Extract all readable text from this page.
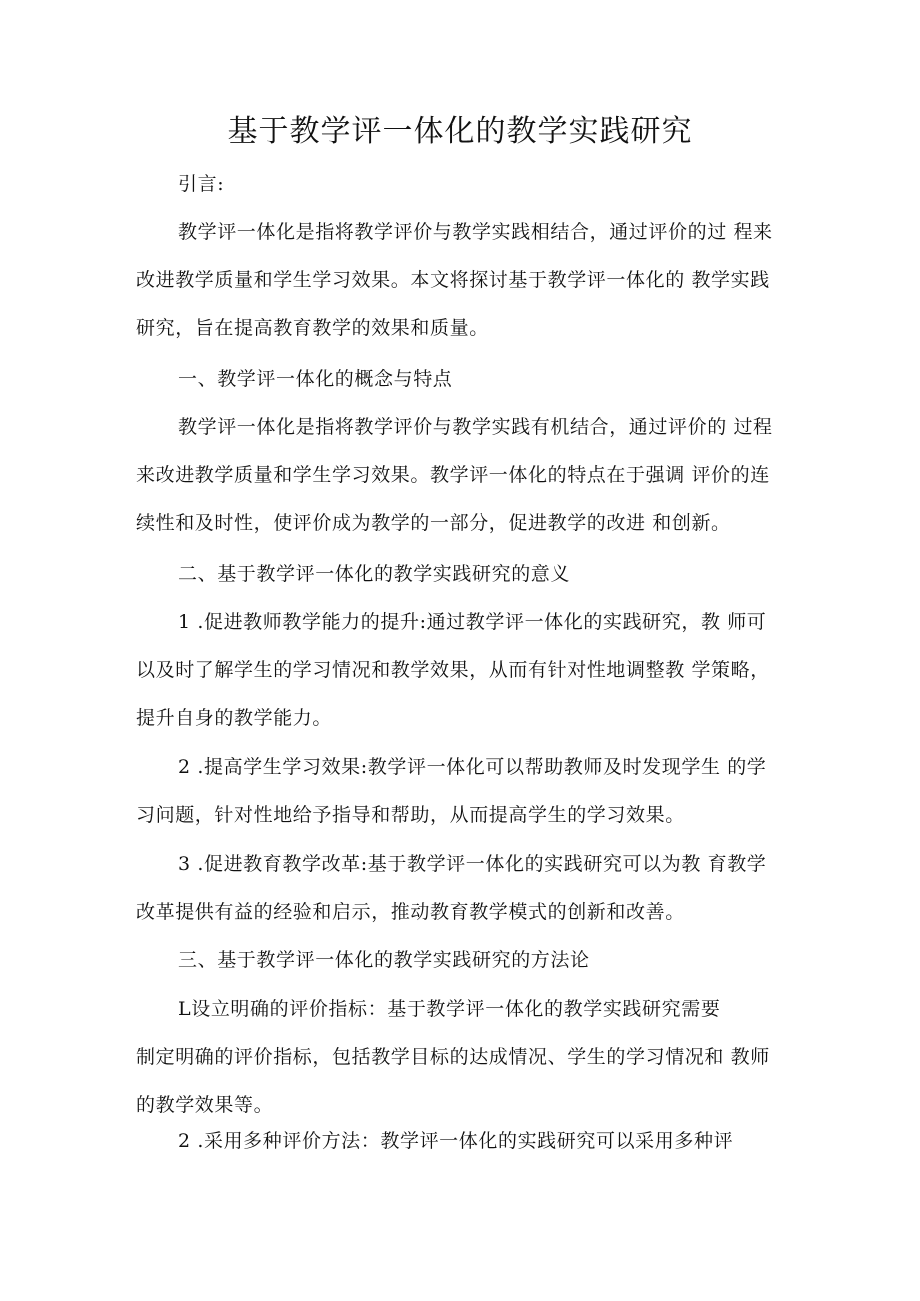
基于教学评一体化的教学实践研究
引言:
教学评一体化是指将教学评价与教学实践相结合，通过评价的过 程来
改进教学质量和学生学习效果。本文将探讨基于教学评一体化的 教学实践
研究，旨在提高教育教学的效果和质量。
一、教学评一体化的概念与特点
教学评一体化是指将教学评价与教学实践有机结合，通过评价的 过程
来改进教学质量和学生学习效果。教学评一体化的特点在于强调 评价的连
续性和及时性，使评价成为教学的一部分，促进教学的改进 和创新。
二、基于教学评一体化的教学实践研究的意义
1 .促进教师教学能力的提升:通过教学评一体化的实践研究，教 师可
以及时了解学生的学习情况和教学效果，从而有针对性地调整教 学策略，
提升自身的教学能力。
2 .提高学生学习效果:教学评一体化可以帮助教师及时发现学生 的学
习问题，针对性地给予指导和帮助，从而提高学生的学习效果。
3 .促进教育教学改革:基于教学评一体化的实践研究可以为教 育教学
改革提供有益的经验和启示，推动教育教学模式的创新和改善。
三、基于教学评一体化的教学实践研究的方法论
L设立明确的评价指标：基于教学评一体化的教学实践研究需要
制定明确的评价指标，包括教学目标的达成情况、学生的学习情况和 教师
的教学效果等。
2 .采用多种评价方法：教学评一体化的实践研究可以采用多种评
